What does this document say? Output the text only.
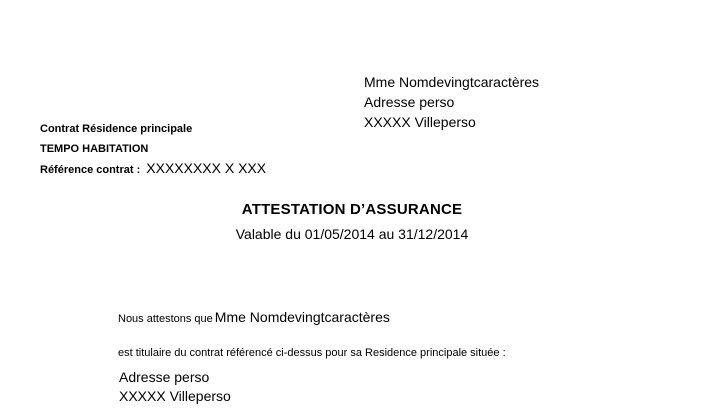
Mme Nomdevingtcaractères
Adresse perso
XXXXX Villeperso
Contrat Résidence principale
TEMPO HABITATION
Référence contrat : XXXXXXXX X XXX
ATTESTATION D’ASSURANCE
Valable du 01/05/2014 au 31/12/2014
Nous attestons que Mme Nomdevingtcaractères
est titulaire du contrat référencé ci-dessus pour sa Residence principale située :
Adresse perso
XXXXX Villeperso
